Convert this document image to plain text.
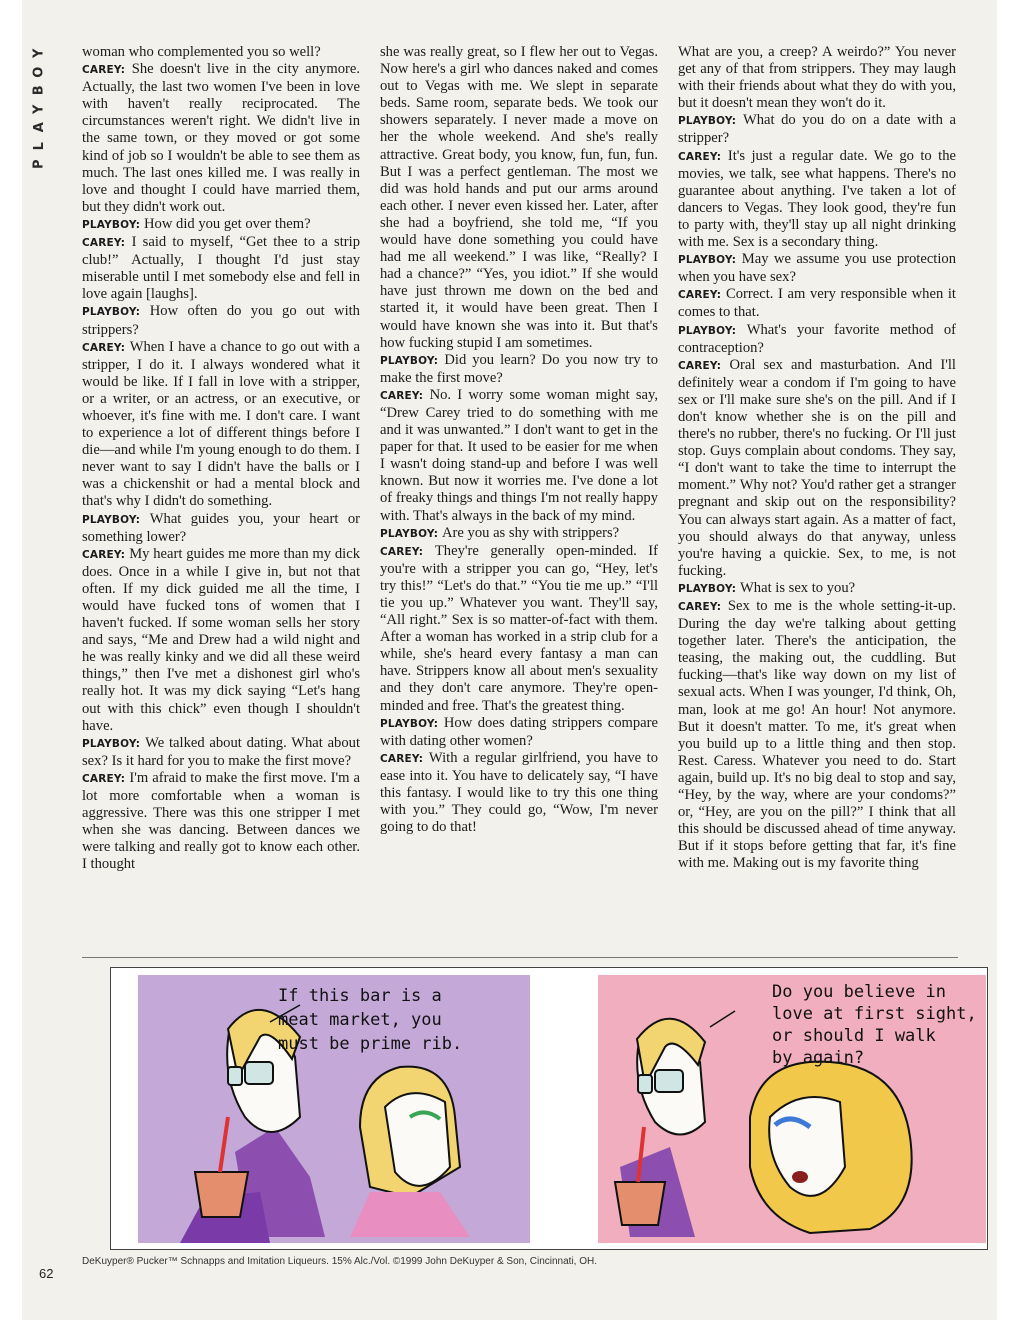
Y
O
B
Y
A
L
P

woman who complemented you so well?

CAREY: She doesn't live in the city anymore. Actually, the last two women I've been in love with haven't really reciprocated. The circumstances weren't right. We didn't live in the same town, or they moved or got some kind of job so I wouldn't be able to see them as much. The last ones killed me. I was really in love and thought I could have married them, but they didn't work out.

PLAYBOY: How did you get over them?

CAREY: I said to myself, “Get thee to a strip club!” Actually, I thought I'd just stay miserable until I met somebody else and fell in love again [laughs].

PLAYBOY: How often do you go out with strippers?

CAREY: When I have a chance to go out with a stripper, I do it. I always wondered what it would be like. If I fall in love with a stripper, or a writer, or an actress, or an executive, or whoever, it's fine with me. I don't care. I want to experience a lot of different things before I die—and while I'm young enough to do them. I never want to say I didn't have the balls or I was a chickenshit or had a mental block and that's why I didn't do something.

PLAYBOY: What guides you, your heart or something lower?

CAREY: My heart guides me more than my dick does. Once in a while I give in, but not that often. If my dick guided me all the time, I would have fucked tons of women that I haven't fucked. If some woman sells her story and says, “Me and Drew had a wild night and he was really kinky and we did all these weird things,” then I've met a dishonest girl who's really hot. It was my dick saying “Let's hang out with this chick” even though I shouldn't have.

PLAYBOY: We talked about dating. What about sex? Is it hard for you to make the first move?

CAREY: I'm afraid to make the first move. I'm a lot more comfortable when a woman is aggressive. There was this one stripper I met when she was dancing. Between dances we were talking and really got to know each other. I thought

she was really great, so I flew her out to Vegas. Now here's a girl who dances naked and comes out to Vegas with me. We slept in separate beds. Same room, separate beds. We took our showers separately. I never made a move on her the whole weekend. And she's really attractive. Great body, you know, fun, fun, fun. But I was a perfect gentleman. The most we did was hold hands and put our arms around each other. I never even kissed her. Later, after she had a boyfriend, she told me, “If you would have done something you could have had me all weekend.” I was like, “Really? I had a chance?” “Yes, you idiot.” If she would have just thrown me down on the bed and started it, it would have been great. Then I would have known she was into it. But that's how fucking stupid I am sometimes.

PLAYBOY: Did you learn? Do you now try to make the first move?

CAREY: No. I worry some woman might say, “Drew Carey tried to do something with me and it was unwanted.” I don't want to get in the paper for that. It used to be easier for me when I wasn't doing stand-up and before I was well known. But now it worries me. I've done a lot of freaky things and things I'm not really happy with. That's always in the back of my mind.

PLAYBOY: Are you as shy with strippers?

CAREY: They're generally open-minded. If you're with a stripper you can go, “Hey, let's try this!” “Let's do that.” “You tie me up.” “I'll tie you up.” Whatever you want. They'll say, “All right.” Sex is so matter-of-fact with them. After a woman has worked in a strip club for a while, she's heard every fantasy a man can have. Strippers know all about men's sexuality and they don't care anymore. They're open-minded and free. That's the greatest thing.

PLAYBOY: How does dating strippers compare with dating other women?

CAREY: With a regular girlfriend, you have to ease into it. You have to delicately say, “I have this fantasy. I would like to try this one thing with you.” They could go, “Wow, I'm never going to do that!

What are you, a creep? A weirdo?” You never get any of that from strippers. They may laugh with their friends about what they do with you, but it doesn't mean they won't do it.

PLAYBOY: What do you do on a date with a stripper?

CAREY: It's just a regular date. We go to the movies, we talk, see what happens. There's no guarantee about anything. I've taken a lot of dancers to Vegas. They look good, they're fun to party with, they'll stay up all night drinking with me. Sex is a secondary thing.

PLAYBOY: May we assume you use protection when you have sex?

CAREY: Correct. I am very responsible when it comes to that.

PLAYBOY: What's your favorite method of contraception?

CAREY: Oral sex and masturbation. And I'll definitely wear a condom if I'm going to have sex or I'll make sure she's on the pill. And if I don't know whether she is on the pill and there's no rubber, there's no fucking. Or I'll just stop. Guys complain about condoms. They say, “I don't want to take the time to interrupt the moment.” Why not? You'd rather get a stranger pregnant and skip out on the responsibility? You can always start again. As a matter of fact, you should always do that anyway, unless you're having a quickie. Sex, to me, is not fucking.

PLAYBOY: What is sex to you?

CAREY: Sex to me is the whole setting-it-up. During the day we're talking about getting together later. There's the anticipation, the teasing, the making out, the cuddling. But fucking—that's like way down on my list of sexual acts. When I was younger, I'd think, Oh, man, look at me go! An hour! Not anymore. But it doesn't matter. To me, it's great when you build up to a little thing and then stop. Rest. Caress. Whatever you need to do. Start again, build up. It's no big deal to stop and say, “Hey, by the way, where are your condoms?” or, “Hey, are you on the pill?” I think that all this should be discussed ahead of time anyway. But if it stops before getting that far, it's fine with me. Making out is my favorite thing

If this bar is a
meat market, you
must be prime rib.
Do you believe in
love at first sight,
or should I walk
by again?
DeKuyper® Pucker™ Schnapps and Imitation Liqueurs. 15% Alc./Vol. ©1999 John DeKuyper & Son, Cincinnati, OH.
62
